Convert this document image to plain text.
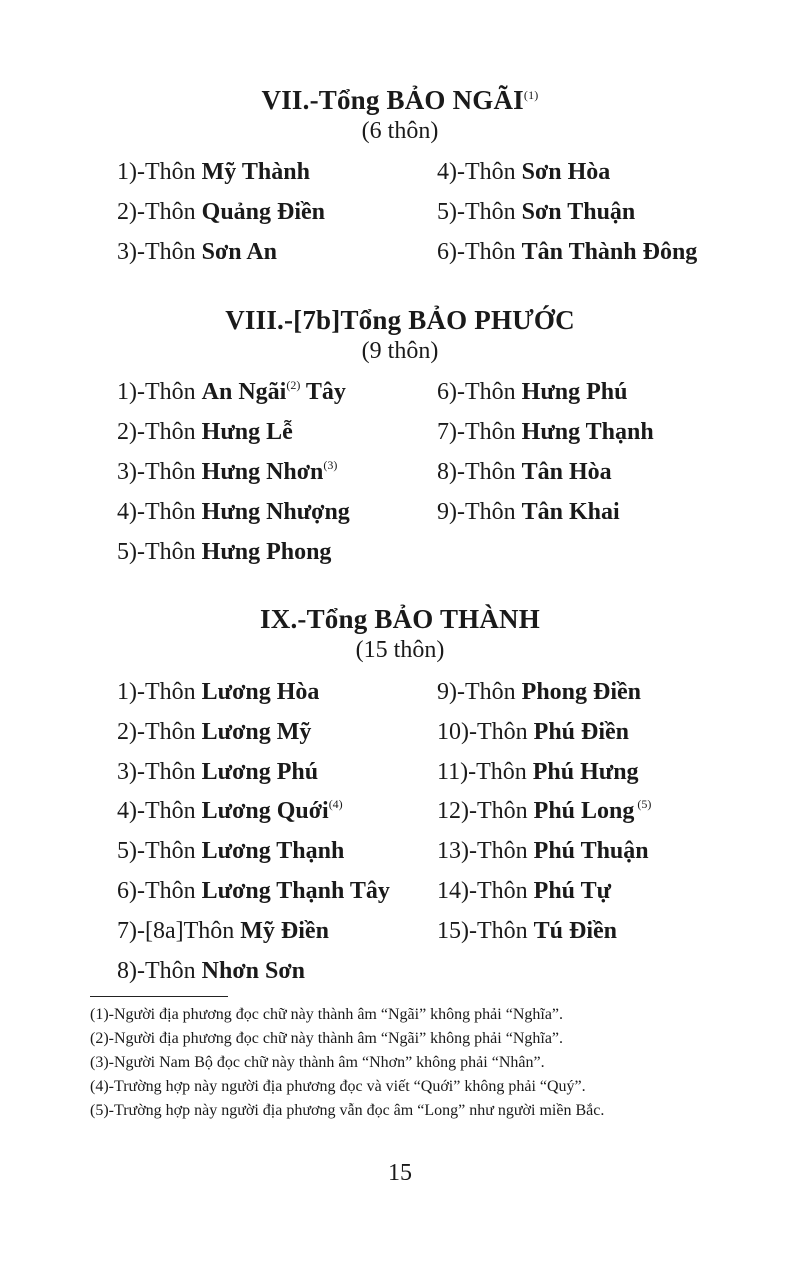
VII.-Tổng BẢO NGÃI$^{(1)}$

(6 thôn)

1)-Thôn Mỹ Thành
2)-Thôn Quảng Điền
3)-Thôn Sơn An
4)-Thôn Sơn Hòa
5)-Thôn Sơn Thuận
6)-Thôn Tân Thành Đông

VIII.-[7b]Tổng BẢO PHƯỚC

(9 thôn)

1)-Thôn An Ngãi$^{(2)}$ Tây
2)-Thôn Hưng Lễ
3)-Thôn Hưng Nhơn$^{(3)}$
4)-Thôn Hưng Nhượng
5)-Thôn Hưng Phong
6)-Thôn Hưng Phú
7)-Thôn Hưng Thạnh
8)-Thôn Tân Hòa
9)-Thôn Tân Khai

IX.-Tổng BẢO THÀNH

(15 thôn)

1)-Thôn Lương Hòa
2)-Thôn Lương Mỹ
3)-Thôn Lương Phú
4)-Thôn Lương Quới$^{(4)}$
5)-Thôn Lương Thạnh
6)-Thôn Lương Thạnh Tây
7)-[8a]Thôn Mỹ Điền
8)-Thôn Nhơn Sơn
9)-Thôn Phong Điền
10)-Thôn Phú Điền
11)-Thôn Phú Hưng
12)-Thôn Phú Long $^{(5)}$
13)-Thôn Phú Thuận
14)-Thôn Phú Tự
15)-Thôn Tú Điền

(1)-Người địa phương đọc chữ này thành âm “Ngãi” không phải “Nghĩa”.

(2)-Người địa phương đọc chữ này thành âm “Ngãi” không phải “Nghĩa”.

(3)-Người Nam Bộ đọc chữ này thành âm “Nhơn” không phải “Nhân”.

(4)-Trường hợp này người địa phương đọc và viết “Quới” không phải “Quý”.

(5)-Trường hợp này người địa phương vẫn đọc âm “Long” như người miền Bắc.

15
